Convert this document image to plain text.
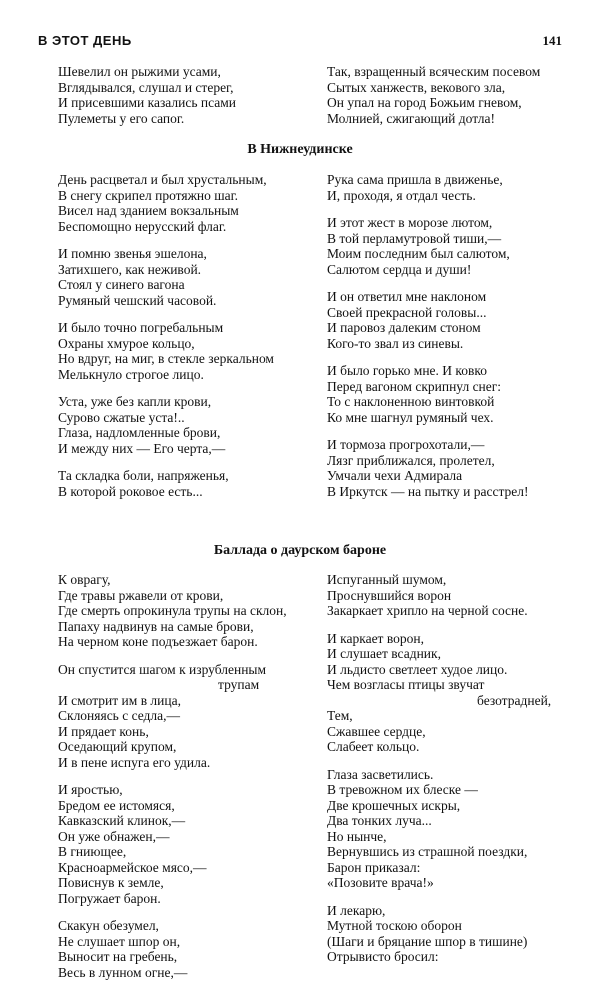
В ЭТОТ ДЕНЬ	141
Шевелил он рыжими усами,
Вглядывался, слушал и стерег,
И присевшими казались псами
Пулеметы у его сапог.
Так, взращенный всяческим посевом
Сытых ханжеств, векового зла,
Он упал на город Божьим гневом,
Молнией, сжигающий дотла!
В Нижнеудинске
День расцветал и был хрустальным,
В снегу скрипел протяжно шаг.
Висел над зданием вокзальным
Беспомощно нерусский флаг.
И помню звенья эшелона,
Затихшего, как неживой.
Стоял у синего вагона
Румяный чешский часовой.
И было точно погребальным
Охраны хмурое кольцо,
Но вдруг, на миг, в стекле зеркальном
Мелькнуло строгое лицо.
Уста, уже без капли крови,
Сурово сжатые уста!..
Глаза, надломленные брови,
И между них — Его черта,—
Та складка боли, напряженья,
В которой роковое есть...
Рука сама пришла в движенье,
И, проходя, я отдал честь.
И этот жест в морозе лютом,
В той перламутровой тиши,—
Моим последним был салютом,
Салютом сердца и души!
И он ответил мне наклоном
Своей прекрасной головы...
И паровоз далеким стоном
Кого-то звал из синевы.
И было горько мне. И ковко
Перед вагоном скрипнул снег:
То с наклоненною винтовкой
Ко мне шагнул румяный чех.
И тормоза прогрохотали,—
Лязг приближался, пролетел,
Умчали чехи Адмирала
В Иркутск — на пытку и расстрел!
Баллада о даурском бароне
К оврагу,
Где травы ржавели от крови,
Где смерть опрокинула трупы на склон,
Папаху надвинув на самые брови,
На черном коне подъезжает барон.
Он спустится шагом к изрубленным
трупам
И смотрит им в лица,
Склоняясь с седла,—
И прядает конь,
Оседающий крупом,
И в пене испуга его удила.
И яростью,
Бредом ее истомяся,
Кавказский клинок,—
Он уже обнажен,—
В гниющее,
Красноармейское мясо,—
Повиснув к земле,
Погружает барон.
Скакун обезумел,
Не слушает шпор он,
Выносит на гребень,
Весь в лунном огне,—
Испуганный шумом,
Проснувшийся ворон
Закаркает хрипло на черной сосне.
И каркает ворон,
И слушает всадник,
И льдисто светлеет худое лицо.
Чем возгласы птицы звучат
безотрадней,
Тем,
Сжавшее сердце,
Слабеет кольцо.
Глаза засветились.
В тревожном их блеске —
Две крошечных искры,
Два тонких луча...
Но нынче,
Вернувшись из страшной поездки,
Барон приказал:
«Позовите врача!»
И лекарю,
Мутной тоскою оборон
(Шаги и бряцание шпор в тишине)
Отрывисто бросил:
